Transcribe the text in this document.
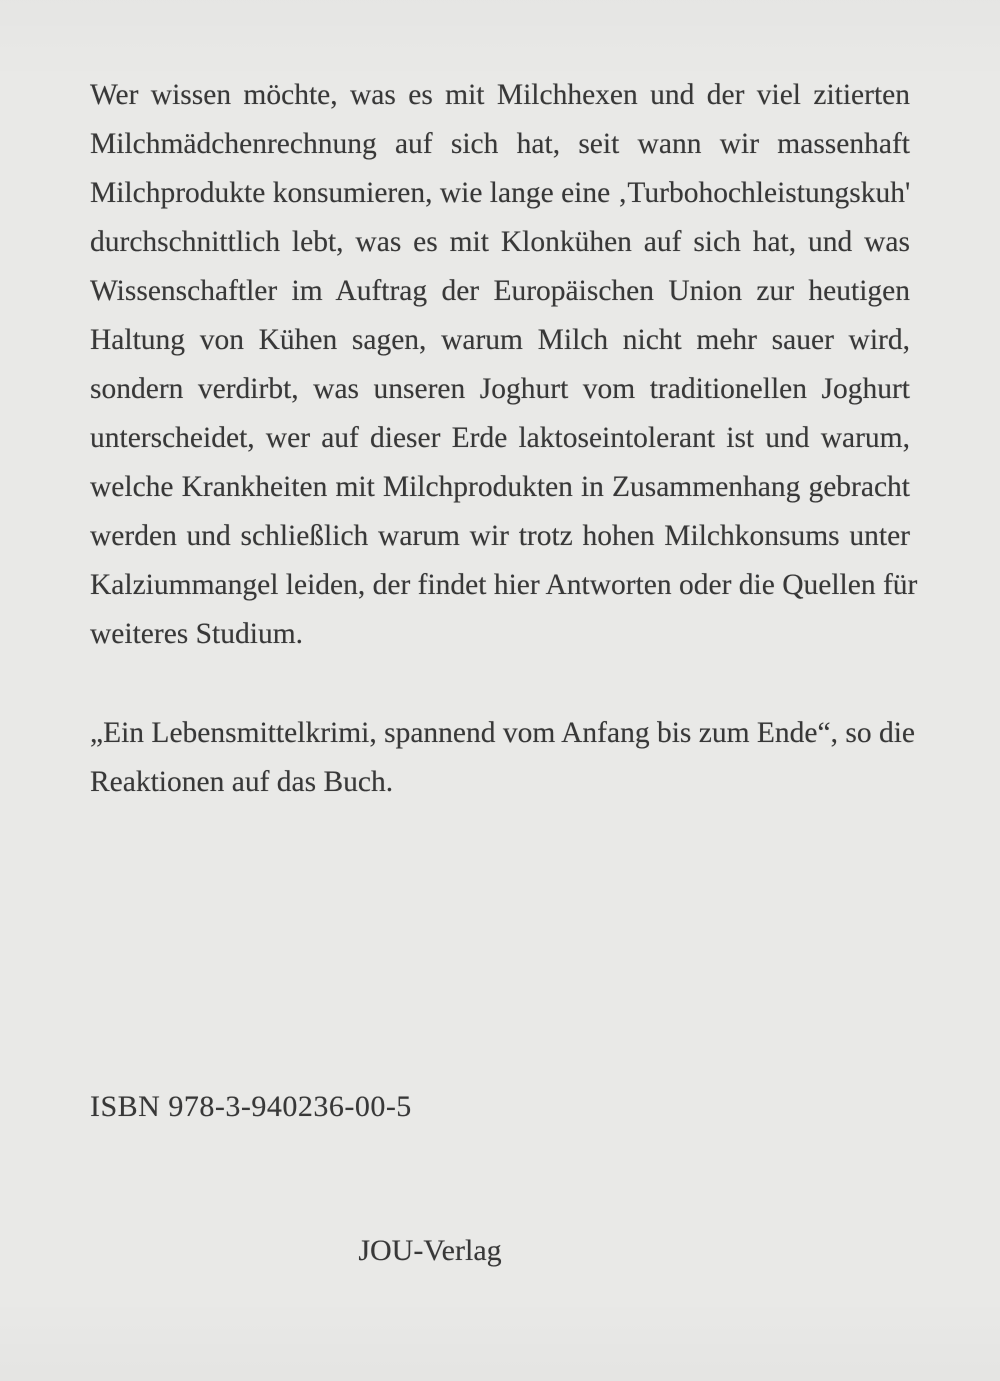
Wer wissen möchte, was es mit Milchhexen und der viel zitierten
Milchmädchenrechnung auf sich hat, seit wann wir massenhaft
Milchprodukte konsumieren, wie lange eine ‚Turbohochleistungskuh'
durchschnittlich lebt, was es mit Klonkühen auf sich hat, und was
Wissenschaftler im Auftrag der Europäischen Union zur heutigen
Haltung von Kühen sagen, warum Milch nicht mehr sauer wird,
sondern verdirbt, was unseren Joghurt vom traditionellen Joghurt
unterscheidet, wer auf dieser Erde laktoseintolerant ist und warum,
welche Krankheiten mit Milchprodukten in Zusammenhang gebracht
werden und schließlich warum wir trotz hohen Milchkonsums unter
Kalziummangel leiden, der findet hier Antworten oder die Quellen für
weiteres Studium.
„Ein Lebensmittelkrimi, spannend vom Anfang bis zum Ende“, so die
Reaktionen auf das Buch.
ISBN 978-3-940236-00-5
JOU-Verlag
